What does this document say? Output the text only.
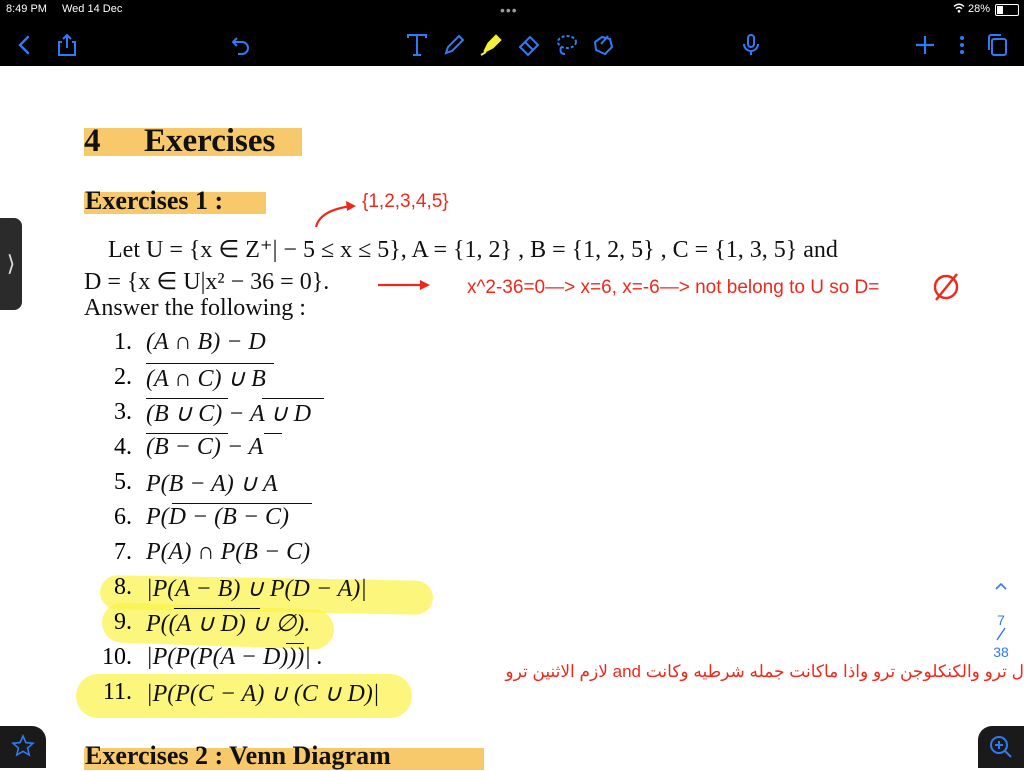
8:49 PM Wed 14 Dec	•••	28%
4 Exercises
Exercises 1 :
Let U = {x ∈ Z⁺| − 5 ≤ x ≤ 5}, A = {1, 2} , B = {1, 2, 5} , C = {1, 3, 5} and
D = {x ∈ U|x² − 36 = 0}.
Answer the following :
1. (A ∩ B) − D
2. (A ∩ C) ∪ B
3. (B ∪ C) − A ∪ D
4. (B − C) − A
5. P(B − A) ∪ A
6. P(D − (B − C)
7. P(A) ∩ P(B − C)
8. |P(A − B) ∪ P(D − A)|
9. P((A ∪ D) ∪ ∅).
10. |P(P(P(A − D)))| .
11. |P(P(C − A) ∪ (C ∪ D)|
Exercises 2 : Venn Diagram
{1,2,3,4,5}
x^2-36=0—> x=6, x=-6—> not belong to U so D=
ل ترو والكنكلوجن ترو واذا ماكانت جمله شرطيه وكانت and لازم الاثنين ترو
⟩
7
38
